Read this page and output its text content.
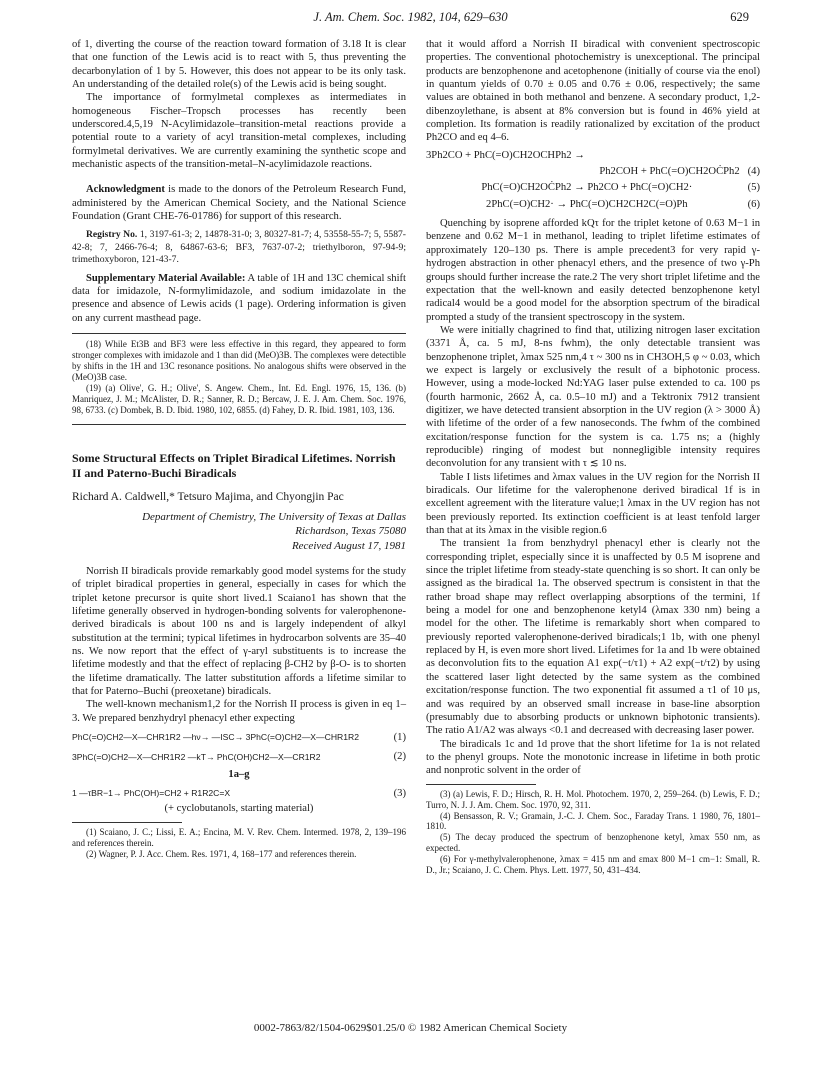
J. Am. Chem. Soc. 1982, 104, 629–630	629

of 1, diverting the course of the reaction toward formation of 3.18 It is clear that one function of the Lewis acid is to react with 5, thus preventing the decarbonylation of 1 by 5. However, this does not appear to be its only task. An understanding of the detailed role(s) of the Lewis acid is being sought.

The importance of formylmetal complexes as intermediates in homogeneous Fischer–Tropsch processes has recently been underscored.4,5,19 N-Acylimidazole–transition-metal reactions provide a potential route to a variety of acyl transition-metal complexes, including formylmetal derivatives. We are currently examining the synthetic scope and mechanistic aspects of the transition-metal–N-acylimidazole reactions.

Acknowledgment is made to the donors of the Petroleum Research Fund, administered by the American Chemical Society, and the National Science Foundation (Grant CHE-76-01786) for support of this research.

Registry No. 1, 3197-61-3; 2, 14878-31-0; 3, 80327-81-7; 4, 53558-55-7; 5, 5587-42-8; 7, 2466-76-4; 8, 64867-63-6; BF3, 7637-07-2; triethylboron, 97-94-9; trimethoxyboron, 121-43-7.

Supplementary Material Available: A table of 1H and 13C chemical shift data for imidazole, N-formylimidazole, and sodium imidazolate in the presence and absence of Lewis acids (1 page). Ordering information is given on any current masthead page.

(18) While Et3B and BF3 were less effective in this regard, they appeared to form stronger complexes with imidazole and 1 than did (MeO)3B. The complexes were detectible by shifts in the 1H and 13C resonance positions. No analogous shifts were observed in the (MeO)3B case.

(19) (a) Olive', G. H.; Olive', S. Angew. Chem., Int. Ed. Engl. 1976, 15, 136. (b) Manriquez, J. M.; McAlister, D. R.; Sanner, R. D.; Bercaw, J. E. J. Am. Chem. Soc. 1976, 98, 6733. (c) Dombek, B. D. Ibid. 1980, 102, 6855. (d) Fahey, D. R. Ibid. 1981, 103, 136.

Some Structural Effects on Triplet Biradical Lifetimes. Norrish II and Paterno-Buchi Biradicals

Richard A. Caldwell,* Tetsuro Majima, and Chyongjin Pac

Department of Chemistry, The University of Texas at Dallas
Richardson, Texas 75080
Received August 17, 1981

Norrish II biradicals provide remarkably good model systems for the study of triplet biradical properties in general, especially in cases for which the triplet ketone precursor is quite short lived.1 Scaiano1 has shown that the lifetime generally observed in hydrogen-bonding solvents for valerophenone-derived biradicals is about 100 ns and is largely independent of alkyl substitution at the termini; typical lifetimes in hydrocarbon solvents are 35–40 ns. We now report that the effect of γ-aryl substituents is to increase the lifetime modestly and that the effect of replacing β-CH2 by β-O- is to shorten the lifetime dramatically. The latter substitution affords a lifetime similar to that for Paterno–Buchi (preoxetane) biradicals.

The well-known mechanism1,2 for the Norrish II process is given in eq 1–3. We prepared benzhydryl phenacyl ether expecting

PhC(=O)CH2—X—CHR1R2 —hν→ —ISC→ 3PhC(=O)CH2—X—CHR1R2	(1)
3PhC(=O)CH2—X—CHR1R2 —kT→ PhC(OH)CH2—X—CR1R2	(2)
1a–g
1 —τBR−1→ PhC(OH)=CH2 + R1R2C=X	(3)
(+ cyclobutanols, starting material)

(1) Scaiano, J. C.; Lissi, E. A.; Encina, M. V. Rev. Chem. Intermed. 1978, 2, 139–196 and references therein.

(2) Wagner, P. J. Acc. Chem. Res. 1971, 4, 168–177 and references therein.

that it would afford a Norrish II biradical with convenient spectroscopic properties. The conventional photochemistry is unexceptional. The principal products are benzophenone and acetophenone (initially of course via the enol) in quantum yields of 0.70 ± 0.05 and 0.76 ± 0.06, respectively; the same values are obtained in both methanol and benzene. A secondary product, 1,2-dibenzoylethane, is absent at 8% conversion but is found in 46% yield at completion. Its formation is readily rationalized by excitation of the product Ph2CO and eq 4–6.

3Ph2CO + PhC(=O)CH2OCHPh2 →
Ph2COH + PhC(=O)CH2OĊPh2 (4)
PhC(=O)CH2OĊPh2 → Ph2CO + PhC(=O)CH2·	(5)
2PhC(=O)CH2· → PhC(=O)CH2CH2C(=O)Ph	(6)

Quenching by isoprene afforded kQτ for the triplet ketone of 0.63 M−1 in benzene and 0.62 M−1 in methanol, leading to triplet lifetime estimates of approximately 120–130 ps. There is ample precedent3 for very rapid γ-hydrogen abstraction in other phenacyl ethers, and the presence of two γ-Ph groups should further increase the rate.2 The very short triplet lifetime and the expectation that the well-known and easily detected benzophenone ketyl radical4 would be a good model for the absorption spectrum of the biradical prompted a study of the transient spectroscopy in the system.

We were initially chagrined to find that, utilizing nitrogen laser excitation (3371 Å, ca. 5 mJ, 8-ns fwhm), the only detectable transient was benzophenone triplet, λmax 525 nm,4 τ ~ 300 ns in CH3OH,5 φ ~ 0.03, which we expect is largely or exclusively the result of a biphotonic process. However, using a mode-locked Nd:YAG laser pulse extended to ca. 100 ps (fourth harmonic, 2662 Å, ca. 0.5–10 mJ) and a Tektronix 7912 transient digitizer, we have detected transient absorption in the UV region (λ > 3000 Å) with lifetime of the order of a few nanoseconds. The fwhm of the combined excitation/response function for the system is ca. 1.75 ns; a (highly reproducible) ringing of modest but nonnegligible intensity requires deconvolution for any transient with τ ≲ 10 ns.

Table I lists lifetimes and λmax values in the UV region for the Norrish II biradicals. Our lifetime for the valerophenone derived biradical 1f is in excellent agreement with the literature value;1 λmax in the UV region has not been previously reported. Its extinction coefficient is at least tenfold larger than that at its λmax in the visible region.6

The transient 1a from benzhydryl phenacyl ether is clearly not the corresponding triplet, especially since it is unaffected by 0.5 M isoprene and since the triplet lifetime from steady-state quenching is so short. It can only be assigned as the biradical 1a. The observed spectrum is consistent in that the rather broad shape may reflect overlapping absorptions of the termini, 1f being a model for one and benzophenone ketyl4 (λmax 330 nm) being a model for the other. The lifetime is remarkably short when compared to previously reported valerophenone-derived biradicals;1 1b, with one phenyl replaced by H, is even more short lived. Lifetimes for 1a and 1b were obtained as deconvolution fits to the equation A1 exp(−t/τ1) + A2 exp(−t/τ2) by using the scattered laser light detected by the same system as the combined excitation/response function. The two exponential fit assumed a τ1 of 10 μs, and was required by an observed small increase in base-line absorption (presumably due to absorbing products or unknown biphotonic transients). The ratio A1/A2 was always <0.1 and decreased with decreasing laser power.

The biradicals 1c and 1d prove that the short lifetime for 1a is not related to the phenyl groups. Note the monotonic increase in lifetime in both protic and nonprotic solvent in the order of

(3) (a) Lewis, F. D.; Hirsch, R. H. Mol. Photochem. 1970, 2, 259–264. (b) Lewis, F. D.; Turro, N. J. J. Am. Chem. Soc. 1970, 92, 311.

(4) Bensasson, R. V.; Gramain, J.-C. J. Chem. Soc., Faraday Trans. 1 1980, 76, 1801–1810.

(5) The decay produced the spectrum of benzophenone ketyl, λmax 550 nm, as expected.

(6) For γ-methylvalerophenone, λmax = 415 nm and εmax 800 M−1 cm−1: Small, R. D., Jr.; Scaiano, J. C. Chem. Phys. Lett. 1977, 50, 431–434.

0002-7863/82/1504-0629$01.25/0 © 1982 American Chemical Society
